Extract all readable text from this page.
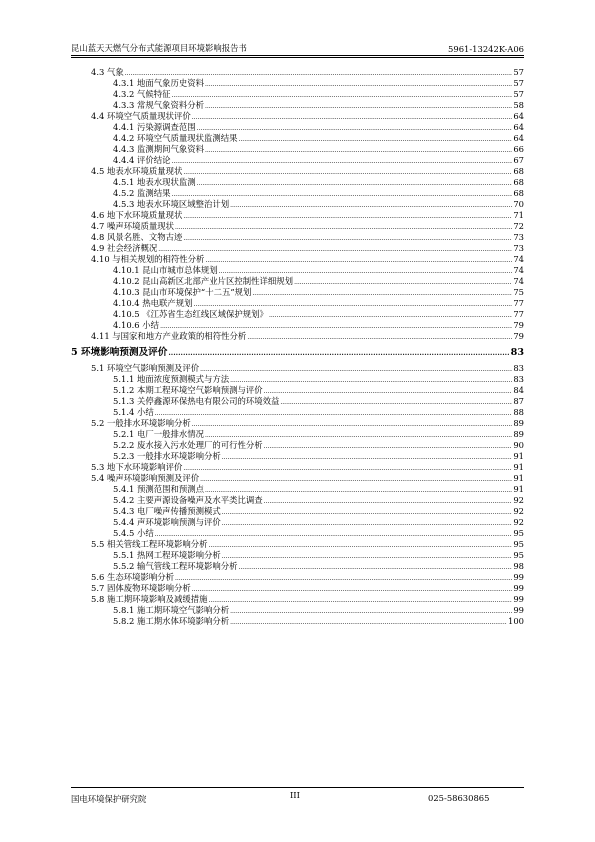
昆山蓝天天燃气分布式能源项目环境影响报告书	5961-13242K-A06
4.3 气象 .....	57
4.3.1 地面气象历史资料 .....	57
4.3.2 气候特征 .....	57
4.3.3 常规气象资料分析 .....	58
4.4 环境空气质量现状评价 .....	64
4.4.1 污染源调查范围 .....	64
4.4.2 环境空气质量现状监测结果 .....	64
4.4.3 监测期间气象资料 .....	66
4.4.4 评价结论 .....	67
4.5 地表水环境质量现状 .....	68
4.5.1 地表水现状监测 .....	68
4.5.2 监测结果 .....	68
4.5.3 地表水环境区域整治计划 .....	70
4.6 地下水环境质量现状 .....	71
4.7 噪声环境质量现状 .....	72
4.8 风景名胜、文物古迹 .....	73
4.9 社会经济概况 .....	73
4.10 与相关规划的相符性分析 .....	74
4.10.1 昆山市城市总体规划 .....	74
4.10.2 昆山高新区北部产业片区控制性详细规划 .....	74
4.10.3 昆山市环境保护“十二五”规划 .....	75
4.10.4 热电联产规划 .....	77
4.10.5 《江苏省生态红线区域保护规划》 .....	77
4.10.6 小结 .....	79
4.11 与国家和地方产业政策的相符性分析 .....	79
5 环境影响预测及评价 .....	83
5.1 环境空气影响预测及评价 .....	83
5.1.1 地面浓度预测模式与方法 .....	83
5.1.2 本期工程环境空气影响预测与评价 .....	84
5.1.3 关停鑫源环保热电有限公司的环境效益 .....	87
5.1.4 小结 .....	88
5.2 一般排水环境影响分析 .....	89
5.2.1 电厂一般排水情况 .....	89
5.2.2 废水接入污水处理厂的可行性分析 .....	90
5.2.3 一般排水环境影响分析 .....	91
5.3 地下水环境影响评价 .....	91
5.4 噪声环境影响预测及评价 .....	91
5.4.1 预测范围和预测点 .....	91
5.4.2 主要声源设备噪声及水平类比调查 .....	92
5.4.3 电厂噪声传播预测模式 .....	92
5.4.4 声环境影响预测与评价 .....	92
5.4.5 小结 .....	95
5.5 相关管线工程环境影响分析 .....	95
5.5.1 热网工程环境影响分析 .....	95
5.5.2 输气管线工程环境影响分析 .....	98
5.6 生态环境影响分析 .....	99
5.7 固体废物环境影响分析 .....	99
5.8 施工期环境影响及减缓措施 .....	99
5.8.1 施工期环境空气影响分析 .....	99
5.8.2 施工期水体环境影响分析 .....	100
国电环境保护研究院	III	025-58630865
